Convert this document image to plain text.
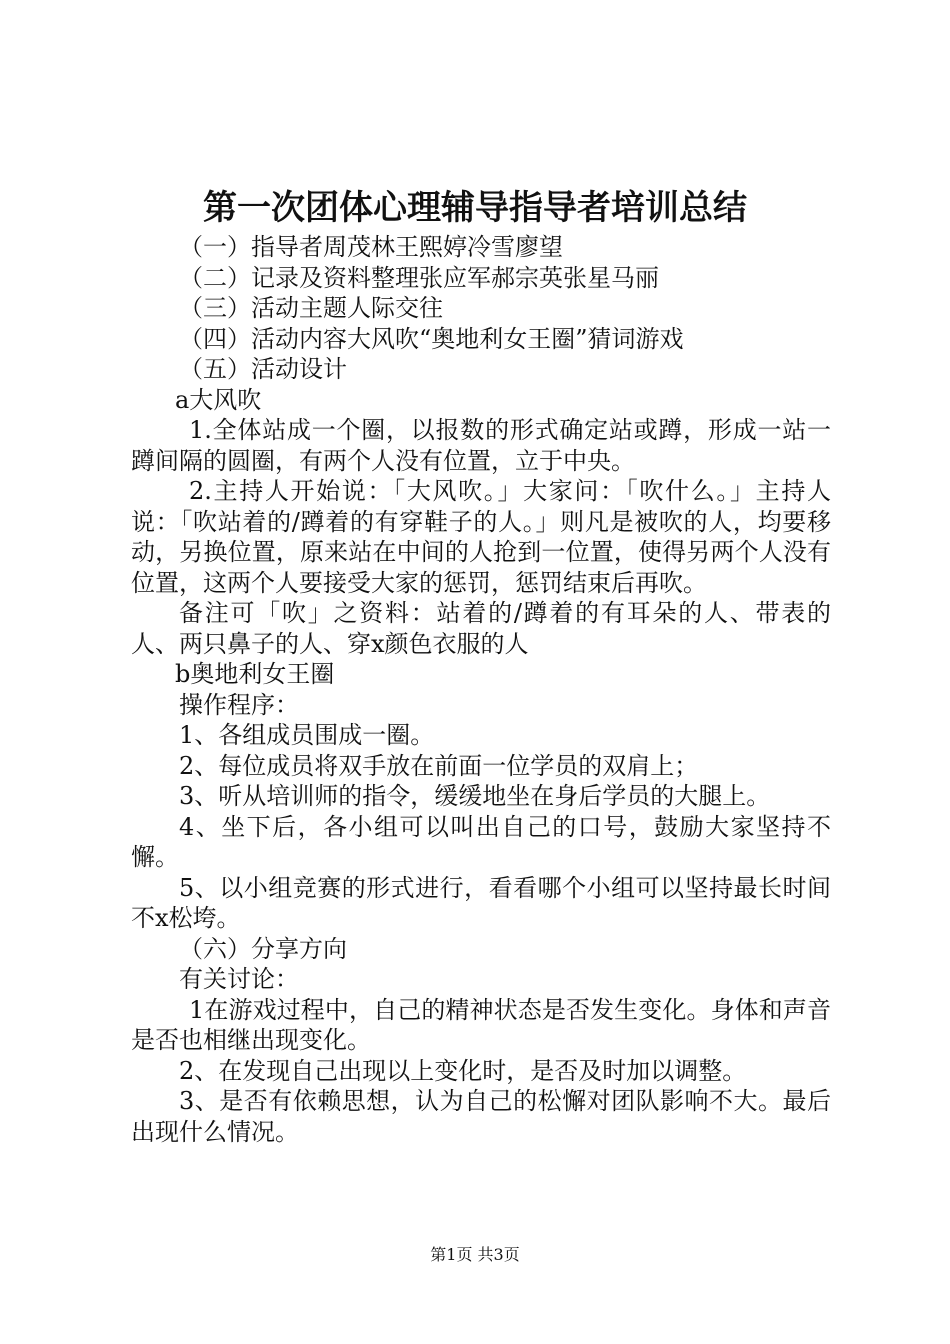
第一次团体心理辅导指导者培训总结

（一）指导者周茂林王熙婷冷雪廖望

（二）记录及资料整理张应军郝宗英张星马丽

（三）活动主题人际交往

（四）活动内容大风吹“奥地利女王圈”猜词游戏

（五）活动设计

a大风吹

1.全体站成一个圈，以报数的形式确定站或蹲，形成一站一蹲间隔的圆圈，有两个人没有位置，立于中央。

2.主持人开始说：「大风吹。」大家问：「吹什么。」主持人说：「吹站着的/蹲着的有穿鞋子的人。」则凡是被吹的人，均要移动，另换位置，原来站在中间的人抢到一位置，使得另两个人没有位置，这两个人要接受大家的惩罚，惩罚结束后再吹。

备注可「吹」之资料：站着的/蹲着的有耳朵的人、带表的人、两只鼻子的人、穿x颜色衣服的人

b奥地利女王圈

操作程序：

1、各组成员围成一圈。

2、每位成员将双手放在前面一位学员的双肩上；

3、听从培训师的指令，缓缓地坐在身后学员的大腿上。

4、坐下后，各小组可以叫出自己的口号，鼓励大家坚持不懈。

5、以小组竞赛的形式进行，看看哪个小组可以坚持最长时间不x松垮。

（六）分享方向

有关讨论：

1在游戏过程中，自己的精神状态是否发生变化。身体和声音是否也相继出现变化。

2、在发现自己出现以上变化时，是否及时加以调整。

3、是否有依赖思想，认为自己的松懈对团队影响不大。最后出现什么情况。

第1页 共3页
